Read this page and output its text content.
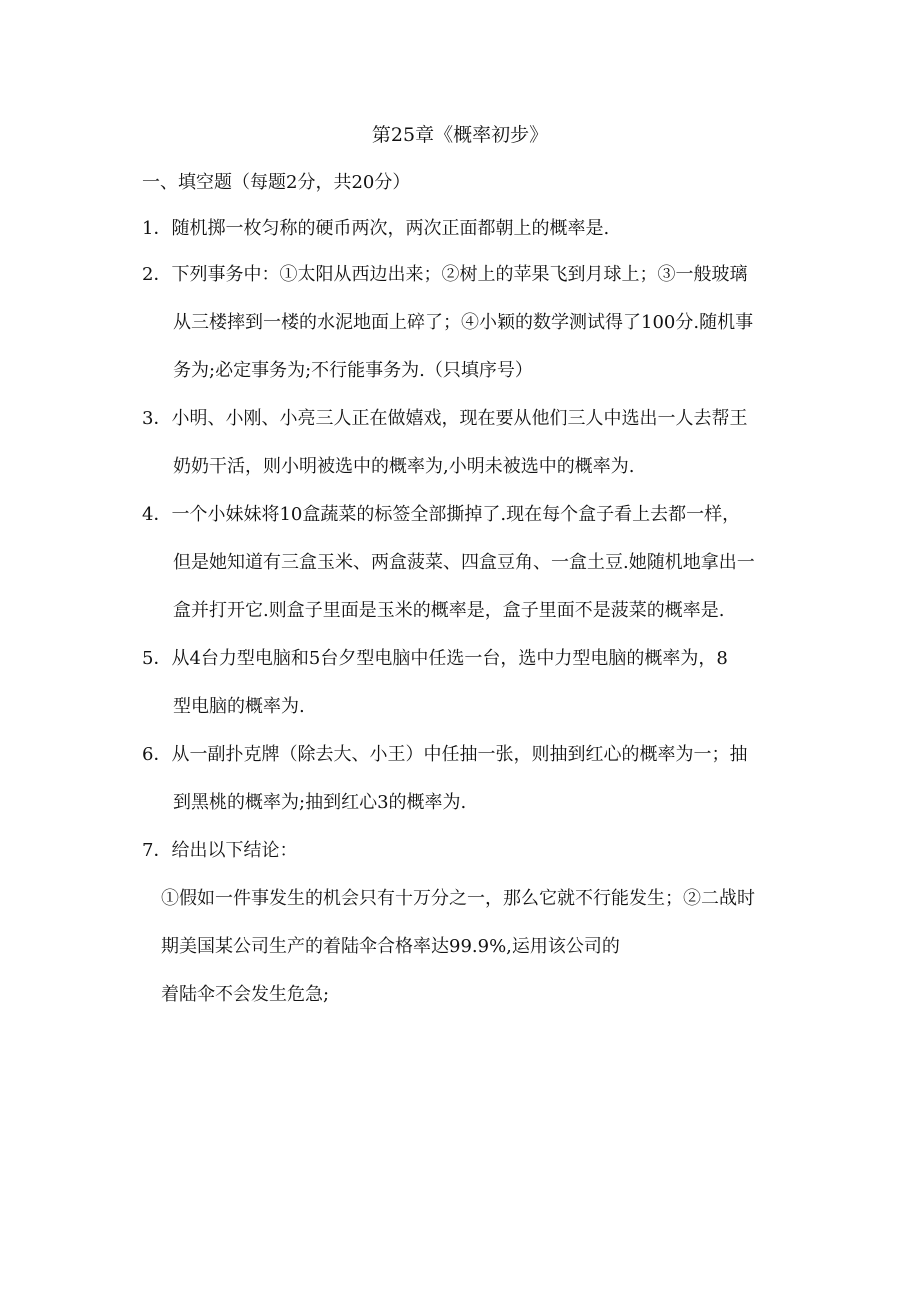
第25章《概率初步》
一、填空题（每题2分，共20分）
1．随机掷一枚匀称的硬币两次，两次正面都朝上的概率是.
2．下列事务中：①太阳从西边出来；②树上的苹果飞到月球上；③一般玻璃
从三楼摔到一楼的水泥地面上碎了；④小颖的数学测试得了100分.随机事
务为;必定事务为;不行能事务为.（只填序号）
3．小明、小刚、小亮三人正在做嬉戏，现在要从他们三人中选出一人去帮王
奶奶干活，则小明被选中的概率为,小明未被选中的概率为.
4．一个小妹妹将10盒蔬菜的标签全部撕掉了.现在每个盒子看上去都一样，
但是她知道有三盒玉米、两盒菠菜、四盒豆角、一盒土豆.她随机地拿出一
盒并打开它.则盒子里面是玉米的概率是，盒子里面不是菠菜的概率是.
5．从4台力型电脑和5台夕型电脑中任选一台，选中力型电脑的概率为，8
型电脑的概率为.
6．从一副扑克牌（除去大、小王）中任抽一张，则抽到红心的概率为一；抽
到黑桃的概率为;抽到红心3的概率为.
7．给出以下结论：
①假如一件事发生的机会只有十万分之一，那么它就不行能发生；②二战时
期美国某公司生产的着陆伞合格率达99.9%,运用该公司的
着陆伞不会发生危急;
